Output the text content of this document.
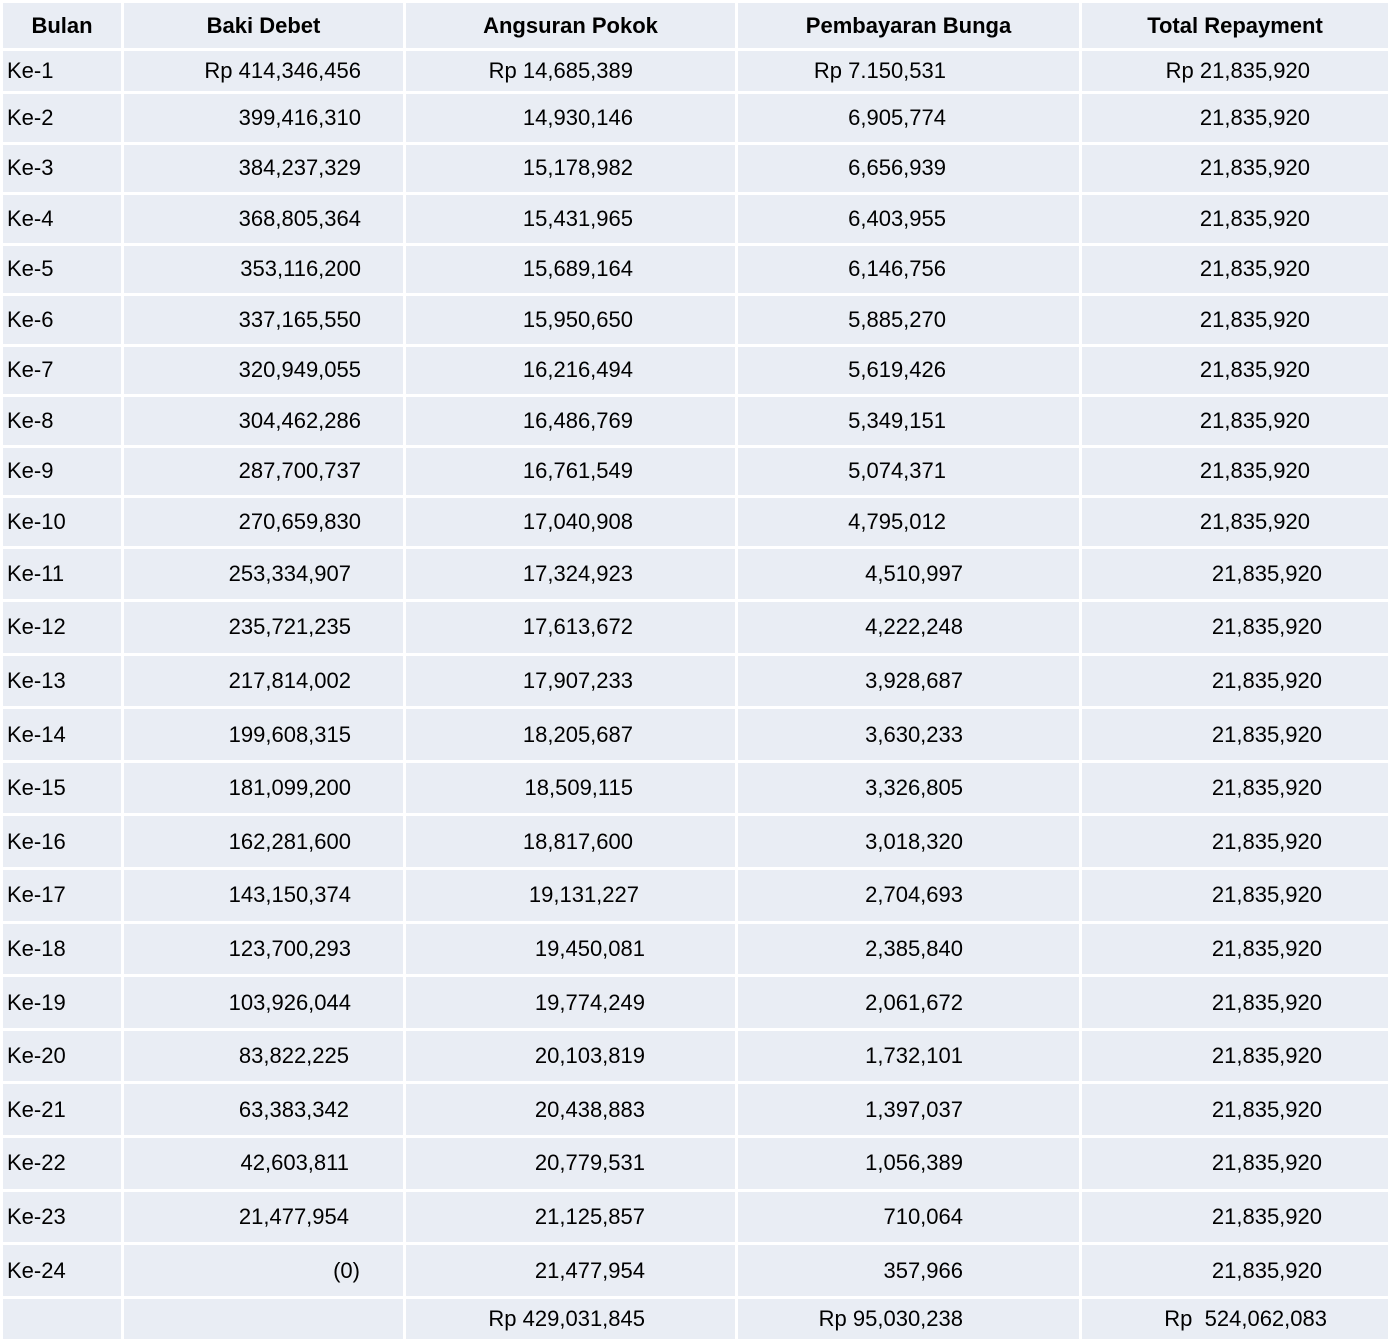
Bulan	Baki Debet	Angsuran Pokok	Pembayaran Bunga	Total Repayment
Ke-1	Rp 414,346,456	Rp 14,685,389	Rp 7.150,531	Rp 21,835,920
Ke-2	399,416,310	14,930,146	6,905,774	21,835,920
Ke-3	384,237,329	15,178,982	6,656,939	21,835,920
Ke-4	368,805,364	15,431,965	6,403,955	21,835,920
Ke-5	353,116,200	15,689,164	6,146,756	21,835,920
Ke-6	337,165,550	15,950,650	5,885,270	21,835,920
Ke-7	320,949,055	16,216,494	5,619,426	21,835,920
Ke-8	304,462,286	16,486,769	5,349,151	21,835,920
Ke-9	287,700,737	16,761,549	5,074,371	21,835,920
Ke-10	270,659,830	17,040,908	4,795,012	21,835,920
Ke-11	253,334,907	17,324,923	4,510,997	21,835,920
Ke-12	235,721,235	17,613,672	4,222,248	21,835,920
Ke-13	217,814,002	17,907,233	3,928,687	21,835,920
Ke-14	199,608,315	18,205,687	3,630,233	21,835,920
Ke-15	181,099,200	18,509,115	3,326,805	21,835,920
Ke-16	162,281,600	18,817,600	3,018,320	21,835,920
Ke-17	143,150,374	19,131,227	2,704,693	21,835,920
Ke-18	123,700,293	19,450,081	2,385,840	21,835,920
Ke-19	103,926,044	19,774,249	2,061,672	21,835,920
Ke-20	83,822,225	20,103,819	1,732,101	21,835,920
Ke-21	63,383,342	20,438,883	1,397,037	21,835,920
Ke-22	42,603,811	20,779,531	1,056,389	21,835,920
Ke-23	21,477,954	21,125,857	710,064	21,835,920
Ke-24	(0)	21,477,954	357,966	21,835,920
		Rp 429,031,845	Rp 95,030,238	Rp  524,062,083
